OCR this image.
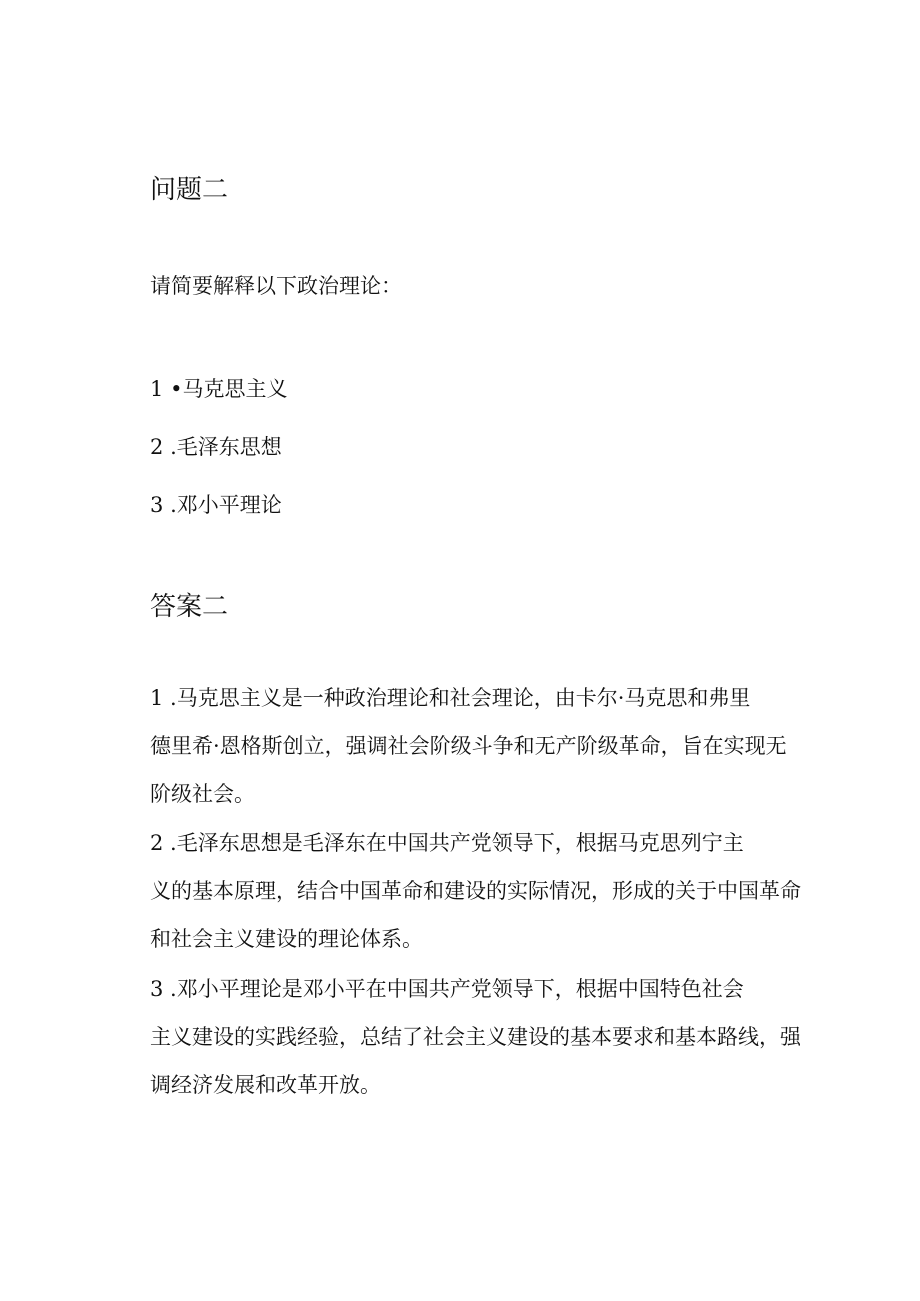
问题二

请简要解释以下政治理论：

1 •马克思主义

2 .毛泽东思想

3 .邓小平理论

答案二
1 .马克思主义是一种政治理论和社会理论，由卡尔·马克思和弗里
德里希·恩格斯创立，强调社会阶级斗争和无产阶级革命，旨在实现无
阶级社会。
2 .毛泽东思想是毛泽东在中国共产党领导下，根据马克思列宁主
义的基本原理，结合中国革命和建设的实际情况，形成的关于中国革命
和社会主义建设的理论体系。
3 .邓小平理论是邓小平在中国共产党领导下，根据中国特色社会
主义建设的实践经验，总结了社会主义建设的基本要求和基本路线，强
调经济发展和改革开放。
